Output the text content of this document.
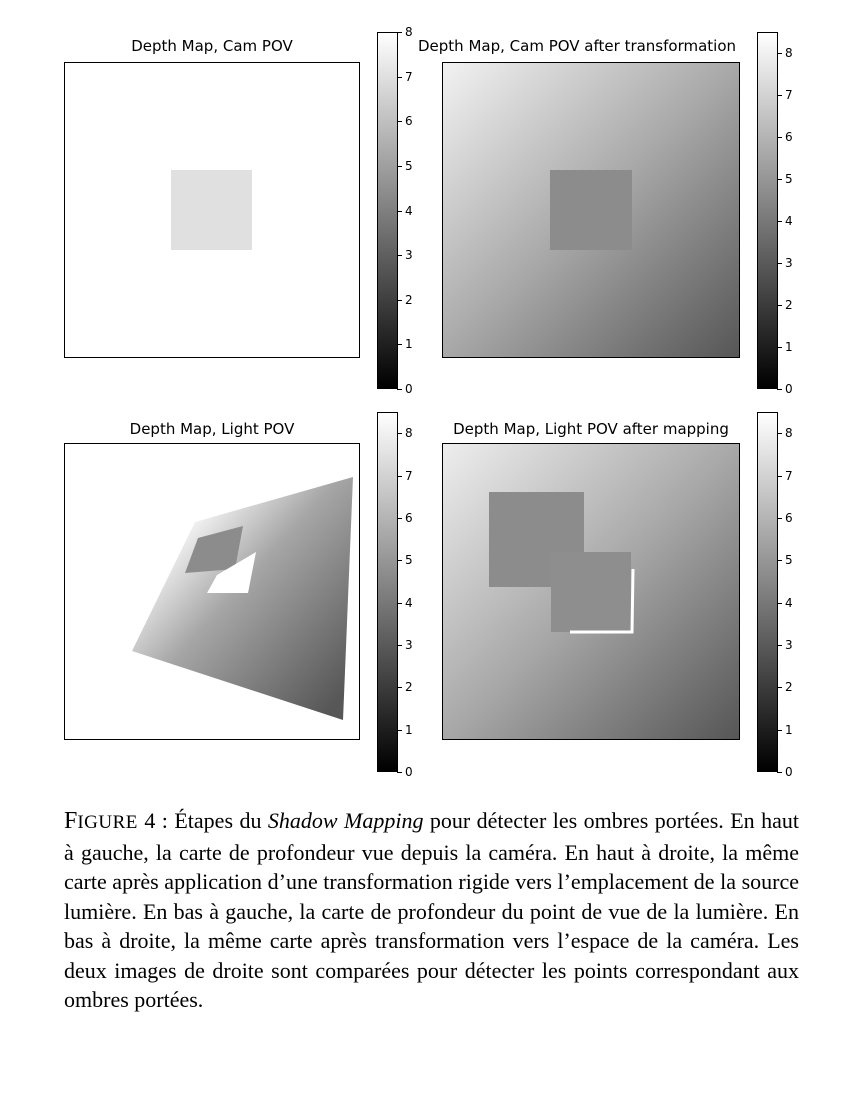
Depth Map, Cam POV	Depth Map, Cam POV after transformation
Depth Map, Light POV	Depth Map, Light POV after mapping
0
1
2
3
4
5
6
7
8
0
1
2
3
4
5
6
7
8
0
1
2
3
4
5
6
7
8
0
1
2
3
4
5
6
7
8
FIGURE 4 : Étapes du Shadow Mapping pour détecter les ombres portées. En haut à gauche, la carte de profondeur vue depuis la caméra. En haut à droite, la même carte après application d’une transformation rigide vers l’emplacement de la source lumière. En bas à gauche, la carte de profondeur du point de vue de la lumière. En bas à droite, la même carte après transformation vers l’espace de la caméra. Les deux images de droite sont comparées pour détecter les points correspondant aux ombres portées.
